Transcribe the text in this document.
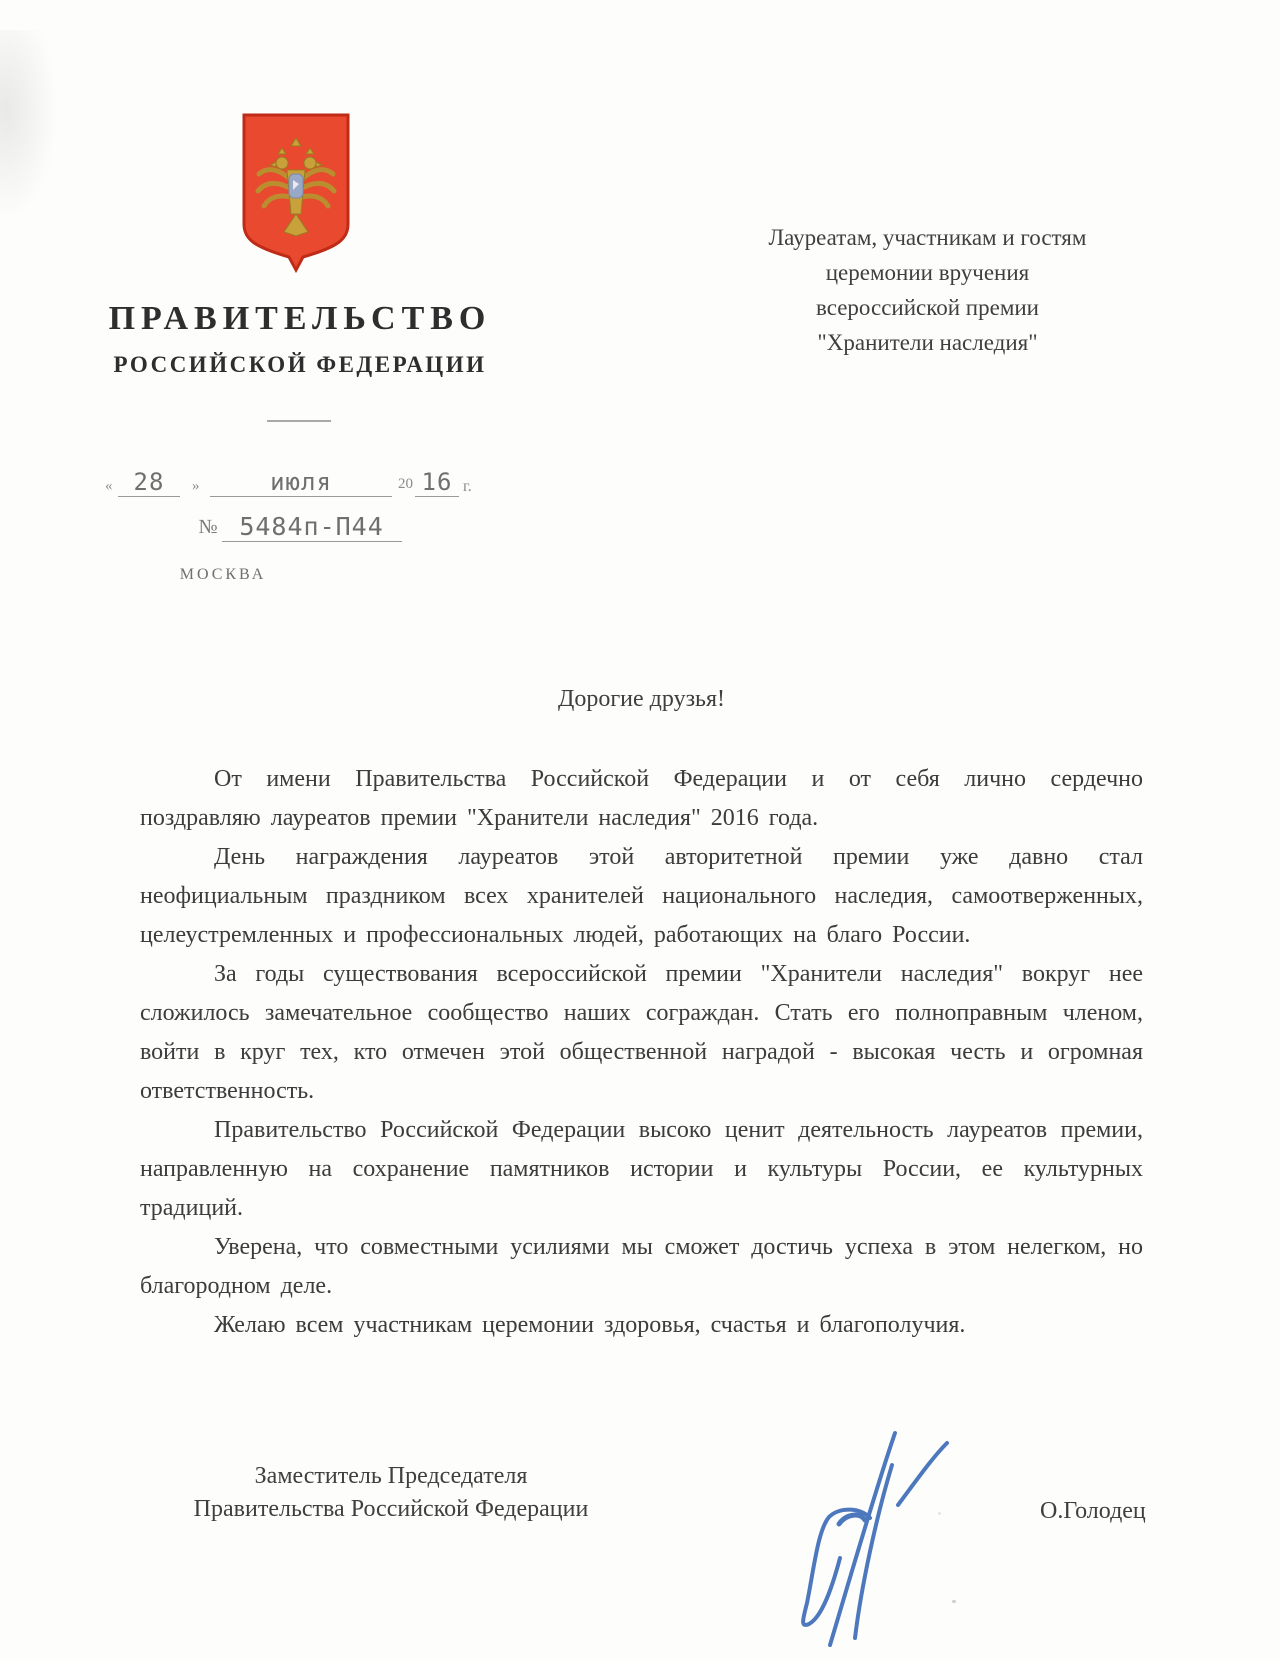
ПРАВИТЕЛЬСТВО
РОССИЙСКОЙ ФЕДЕРАЦИИ
« 28	»	июля	20 16 г.
№ 5484п-П44
МОСКВА
Лауреатам, участникам и гостям
церемонии вручения
всероссийской премии
"Хранители наследия"
Дорогие друзья!

От имени Правительства Российской Федерации и от себя лично сердечно поздравляю лауреатов премии "Хранители наследия" 2016 года.

День награждения лауреатов этой авторитетной премии уже давно стал неофициальным праздником всех хранителей национального наследия, самоотверженных, целеустремленных и профессиональных людей, работающих на благо России.

За годы существования всероссийской премии "Хранители наследия" вокруг нее сложилось замечательное сообщество наших сограждан. Стать его полноправным членом, войти в круг тех, кто отмечен этой общественной наградой - высокая честь и огромная ответственность.

Правительство Российской Федерации высоко ценит деятельность лауреатов премии, направленную на сохранение памятников истории и культуры России, ее культурных традиций.

Уверена, что совместными усилиями мы сможет достичь успеха в этом нелегком, но благородном деле.

Желаю всем участникам церемонии здоровья, счастья и благополучия.

Заместитель Председателя
Правительства Российской Федерации	О.Голодец
